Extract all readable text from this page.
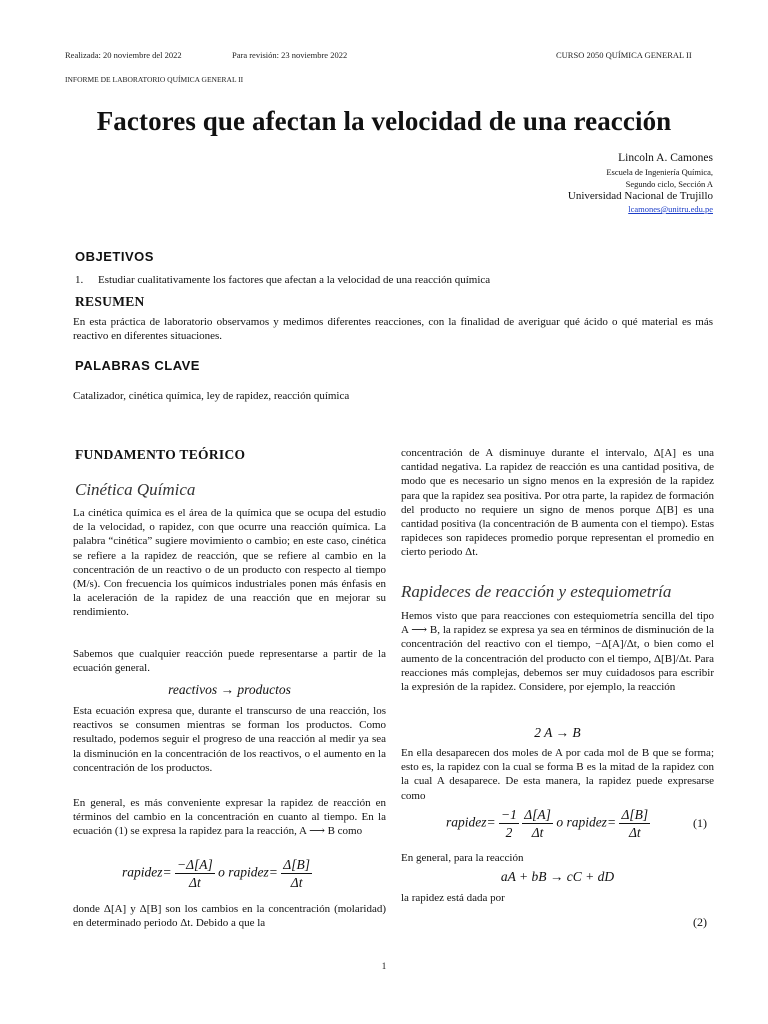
Realizada: 20 noviembre del 2022	Para revisión: 23 noviembre 2022	CURSO 2050 QUÍMICA GENERAL II
INFORME DE LABORATORIO QUÍMICA GENERAL II
Factores que afectan la velocidad de una reacción
Lincoln A. Camones
Escuela de Ingeniería Química,
Segundo ciclo, Sección A
Universidad Nacional de Trujillo
lcamones@unitru.edu.pe
OBJETIVOS
1. Estudiar cualitativamente los factores que afectan a la velocidad de una reacción química
RESUMEN
En esta práctica de laboratorio observamos y medimos diferentes reacciones, con la finalidad de averiguar qué ácido o qué material es más reactivo en diferentes situaciones.
PALABRAS CLAVE
Catalizador, cinética química, ley de rapidez, reacción química
FUNDAMENTO TEÓRICO
Cinética Química
La cinética química es el área de la química que se ocupa del estudio de la velocidad, o rapidez, con que ocurre una reacción química. La palabra “cinética” sugiere movimiento o cambio; en este caso, cinética se refiere a la rapidez de reacción, que se refiere al cambio en la concentración de un reactivo o de un producto con respecto al tiempo (M/s). Con frecuencia los químicos industriales ponen más énfasis en la aceleración de la rapidez de una reacción que en mejorar su rendimiento.
Sabemos que cualquier reacción puede representarse a partir de la ecuación general.
reactivos → productos
Esta ecuación expresa que, durante el transcurso de una reacción, los reactivos se consumen mientras se forman los productos. Como resultado, podemos seguir el progreso de una reacción al medir ya sea la disminución en la concentración de los reactivos, o el aumento en la concentración de los productos.
En general, es más conveniente expresar la rapidez de reacción en términos del cambio en la concentración en cuanto al tiempo. En la ecuación (1) se expresa la rapidez para la reacción, A ⟶ B como
rapidez= $\frac{-\Delta[A]}{\Delta t}$ o rapidez= $\frac{\Delta[B]}{\Delta t}$
donde Δ[A] y Δ[B] son los cambios en la concentración (molaridad) en determinado periodo Δt. Debido a que la
concentración de A disminuye durante el intervalo, Δ[A] es una cantidad negativa. La rapidez de reacción es una cantidad positiva, de modo que es necesario un signo menos en la expresión de la rapidez para que la rapidez sea positiva. Por otra parte, la rapidez de formación del producto no requiere un signo de menos porque Δ[B] es una cantidad positiva (la concentración de B aumenta con el tiempo). Estas rapideces son rapideces promedio porque representan el promedio en cierto periodo Δt.
Rapideces de reacción y estequiometría
Hemos visto que para reacciones con estequiometría sencilla del tipo A ⟶ B, la rapidez se expresa ya sea en términos de disminución de la concentración del reactivo con el tiempo, −Δ[A]/Δt, o bien como el aumento de la concentración del producto con el tiempo, Δ[B]/Δt. Para reacciones más complejas, debemos ser muy cuidadosos para escribir la expresión de la rapidez. Considere, por ejemplo, la reacción
2 A → B
En ella desaparecen dos moles de A por cada mol de B que se forma; esto es, la rapidez con la cual se forma B es la mitad de la rapidez con la cual A desaparece. De esta manera, la rapidez puede expresarse como
rapidez= $\frac{-1}{2}$
$\frac{\Delta[A]}{\Delta t}$ o rapidez= $\frac{\Delta[B]}{\Delta t}$	(1)
En general, para la reacción
aA + bB → cC + dD
la rapidez está dada por
(2)
1
